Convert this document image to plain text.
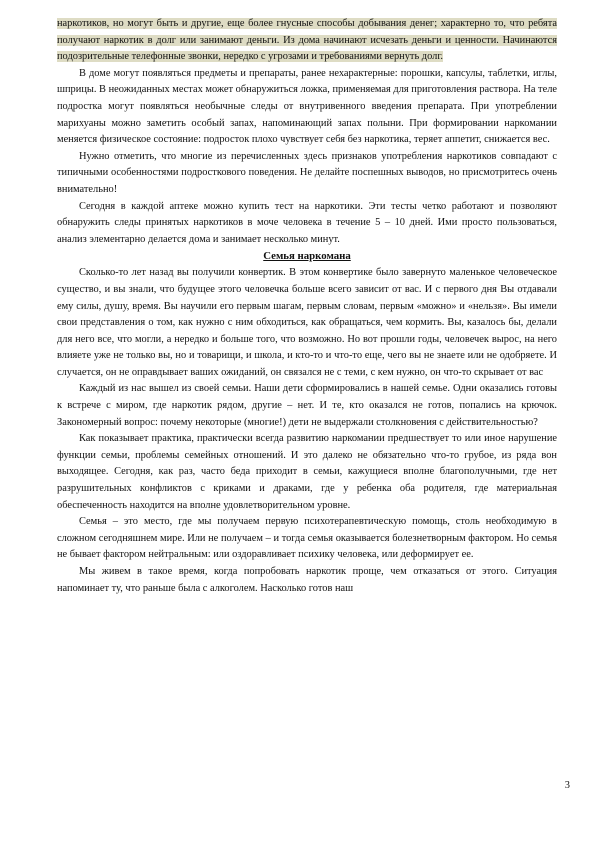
наркотиков, но могут быть и другие, еще более гнусные способы добывания денег; характерно то, что ребята получают наркотик в долг или занимают деньги. Из дома начинают исчезать деньги и ценности. Начинаются подозрительные телефонные звонки, нередко с угрозами и требованиями вернуть долг.

В доме могут появляться предметы и препараты, ранее нехарактерные: порошки, капсулы, таблетки, иглы, шприцы. В неожиданных местах может обнаружиться ложка, применяемая для приготовления раствора. На теле подростка могут появляться необычные следы от внутривенного введения препарата. При употреблении марихуаны можно заметить особый запах, напоминающий запах полыни. При формировании наркомании меняется физическое состояние: подросток плохо чувствует себя без наркотика, теряет аппетит, снижается вес.

Нужно отметить, что многие из перечисленных здесь признаков употребления наркотиков совпадают с типичными особенностями подросткового поведения. Не делайте поспешных выводов, но присмотритесь очень внимательно!

Сегодня в каждой аптеке можно купить тест на наркотики. Эти тесты четко работают и позволяют обнаружить следы принятых наркотиков в моче человека в течение 5 – 10 дней. Ими просто пользоваться, анализ элементарно делается дома и занимает несколько минут.

Семья наркомана

Сколько-то лет назад вы получили конвертик. В этом конвертике было завернуто маленькое человеческое существо, и вы знали, что будущее этого человечка больше всего зависит от вас. И с первого дня Вы отдавали ему силы, душу, время. Вы научили его первым шагам, первым словам, первым «можно» и «нельзя». Вы имели свои представления о том, как нужно с ним обходиться, как обращаться, чем кормить. Вы, казалось бы, делали для него все, что могли, а нередко и больше того, что возможно. Но вот прошли годы, человечек вырос, на него влияете уже не только вы, но и товарищи, и школа, и кто-то и что-то еще, чего вы не знаете или не одобряете. И случается, он не оправдывает ваших ожиданий, он связался не с теми, с кем нужно, он что-то скрывает от вас

Каждый из нас вышел из своей семьи. Наши дети сформировались в нашей семье. Одни оказались готовы к встрече с миром, где наркотик рядом, другие – нет. И те, кто оказался не готов, попались на крючок. Закономерный вопрос: почему некоторые (многие!) дети не выдержали столкновения с действительностью?

Как показывает практика, практически всегда развитию наркомании предшествует то или иное нарушение функции семьи, проблемы семейных отношений. И это далеко не обязательно что-то грубое, из ряда вон выходящее. Сегодня, как раз, часто беда приходит в семьи, кажущиеся вполне благополучными, где нет разрушительных конфликтов с криками и драками, где у ребенка оба родителя, где материальная обеспеченность находится на вполне удовлетворительном уровне.

Семья – это место, где мы получаем первую психотерапевтическую помощь, столь необходимую в сложном сегодняшнем мире. Или не получаем – и тогда семья оказывается болезнетворным фактором. Но семья не бывает фактором нейтральным: или оздоравливает психику человека, или деформирует ее.

Мы живем в такое время, когда попробовать наркотик проще, чем отказаться от этого. Ситуация напоминает ту, что раньше была с алкоголем. Насколько готов наш

3
